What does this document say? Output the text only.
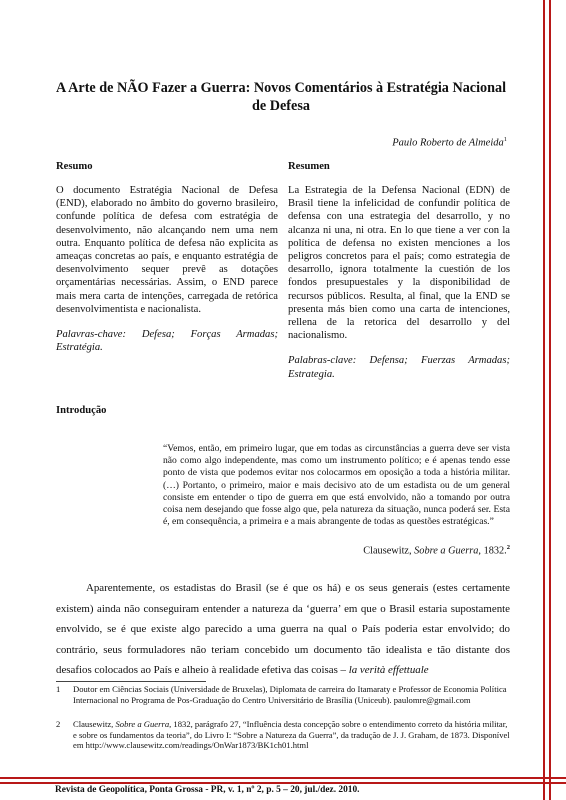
A Arte de NÃO Fazer a Guerra: Novos Comentários à Estratégia Nacional de Defesa
Paulo Roberto de Almeida$^1$
Resumo	Resumen

O documento Estratégia Nacional de Defesa (END), elaborado no âmbito do governo brasileiro, confunde política de defesa com estratégia de desenvolvimento, não alcançando nem uma nem outra. Enquanto política de defesa não explicita as ameaças concretas ao país, e enquanto estratégia de desenvolvimento sequer prevê as dotações orçamentárias necessárias. Assim, o END parece mais mera carta de intenções, carregada de retórica desenvolvimentista e nacionalista.

Palavras-chave: Defesa; Forças Armadas; Estratégia.

La Estrategia de la Defensa Nacional (EDN) de Brasil tiene la infelicidad de confundir política de defensa con una estrategia del desarrollo, y no alcanza ni una, ni otra. En lo que tiene a ver con la política de defensa no existen menciones a los peligros concretos para el país; como estrategia de desarrollo, ignora totalmente la cuestión de los fondos presupuestales y la disponibilidad de recursos públicos. Resulta, al final, que la END se presenta más bien como una carta de intenciones, rellena de la retorica del desarrollo y del nacionalismo.

Palabras-clave: Defensa; Fuerzas Armadas; Estrategia.

Introdução
“Vemos, então, em primeiro lugar, que em todas as circunstâncias a guerra deve ser vista não como algo independente, mas como um instrumento político; e é apenas tendo esse ponto de vista que podemos evitar nos colocarmos em oposição a toda a história militar. (…) Portanto, o primeiro, maior e mais decisivo ato de um estadista ou de um general consiste em entender o tipo de guerra em que está envolvido, não a tomando por outra coisa nem desejando que fosse algo que, pela natureza da situação, nunca poderá ser. Esta é, em consequência, a primeira e a mais abrangente de todas as questões estratégicas.”
Clausewitz, Sobre a Guerra, 1832.$^2$

Aparentemente, os estadistas do Brasil (se é que os há) e os seus generais (estes certamente existem) ainda não conseguiram entender a natureza da ‘guerra’ em que o Brasil estaria supostamente envolvido, se é que existe algo parecido a uma guerra na qual o País poderia estar envolvido; do contrário, seus formuladores não teriam concebido um documento tão idealista e tão distante dos desafios colocados ao País e alheio à realidade efetiva das coisas – la verità effettuale

1 Doutor em Ciências Sociais (Universidade de Bruxelas), Diplomata de carreira do Itamaraty e Professor de Economia Política Internacional no Programa de Pos-Graduação do Centro Universitário de Brasília (Uniceub). paulomre@gmail.com
2 Clausewitz, Sobre a Guerra, 1832, parágrafo 27, “Influência desta concepção sobre o entendimento correto da história militar, e sobre os fundamentos da teoria”, do Livro I: “Sobre a Natureza da Guerra”, da tradução de J. J. Graham, de 1873. Disponível em http://www.clausewitz.com/readings/OnWar1873/BK1ch01.html
Revista de Geopolítica, Ponta Grossa - PR, v. 1, nº 2, p. 5 – 20, jul./dez. 2010.
